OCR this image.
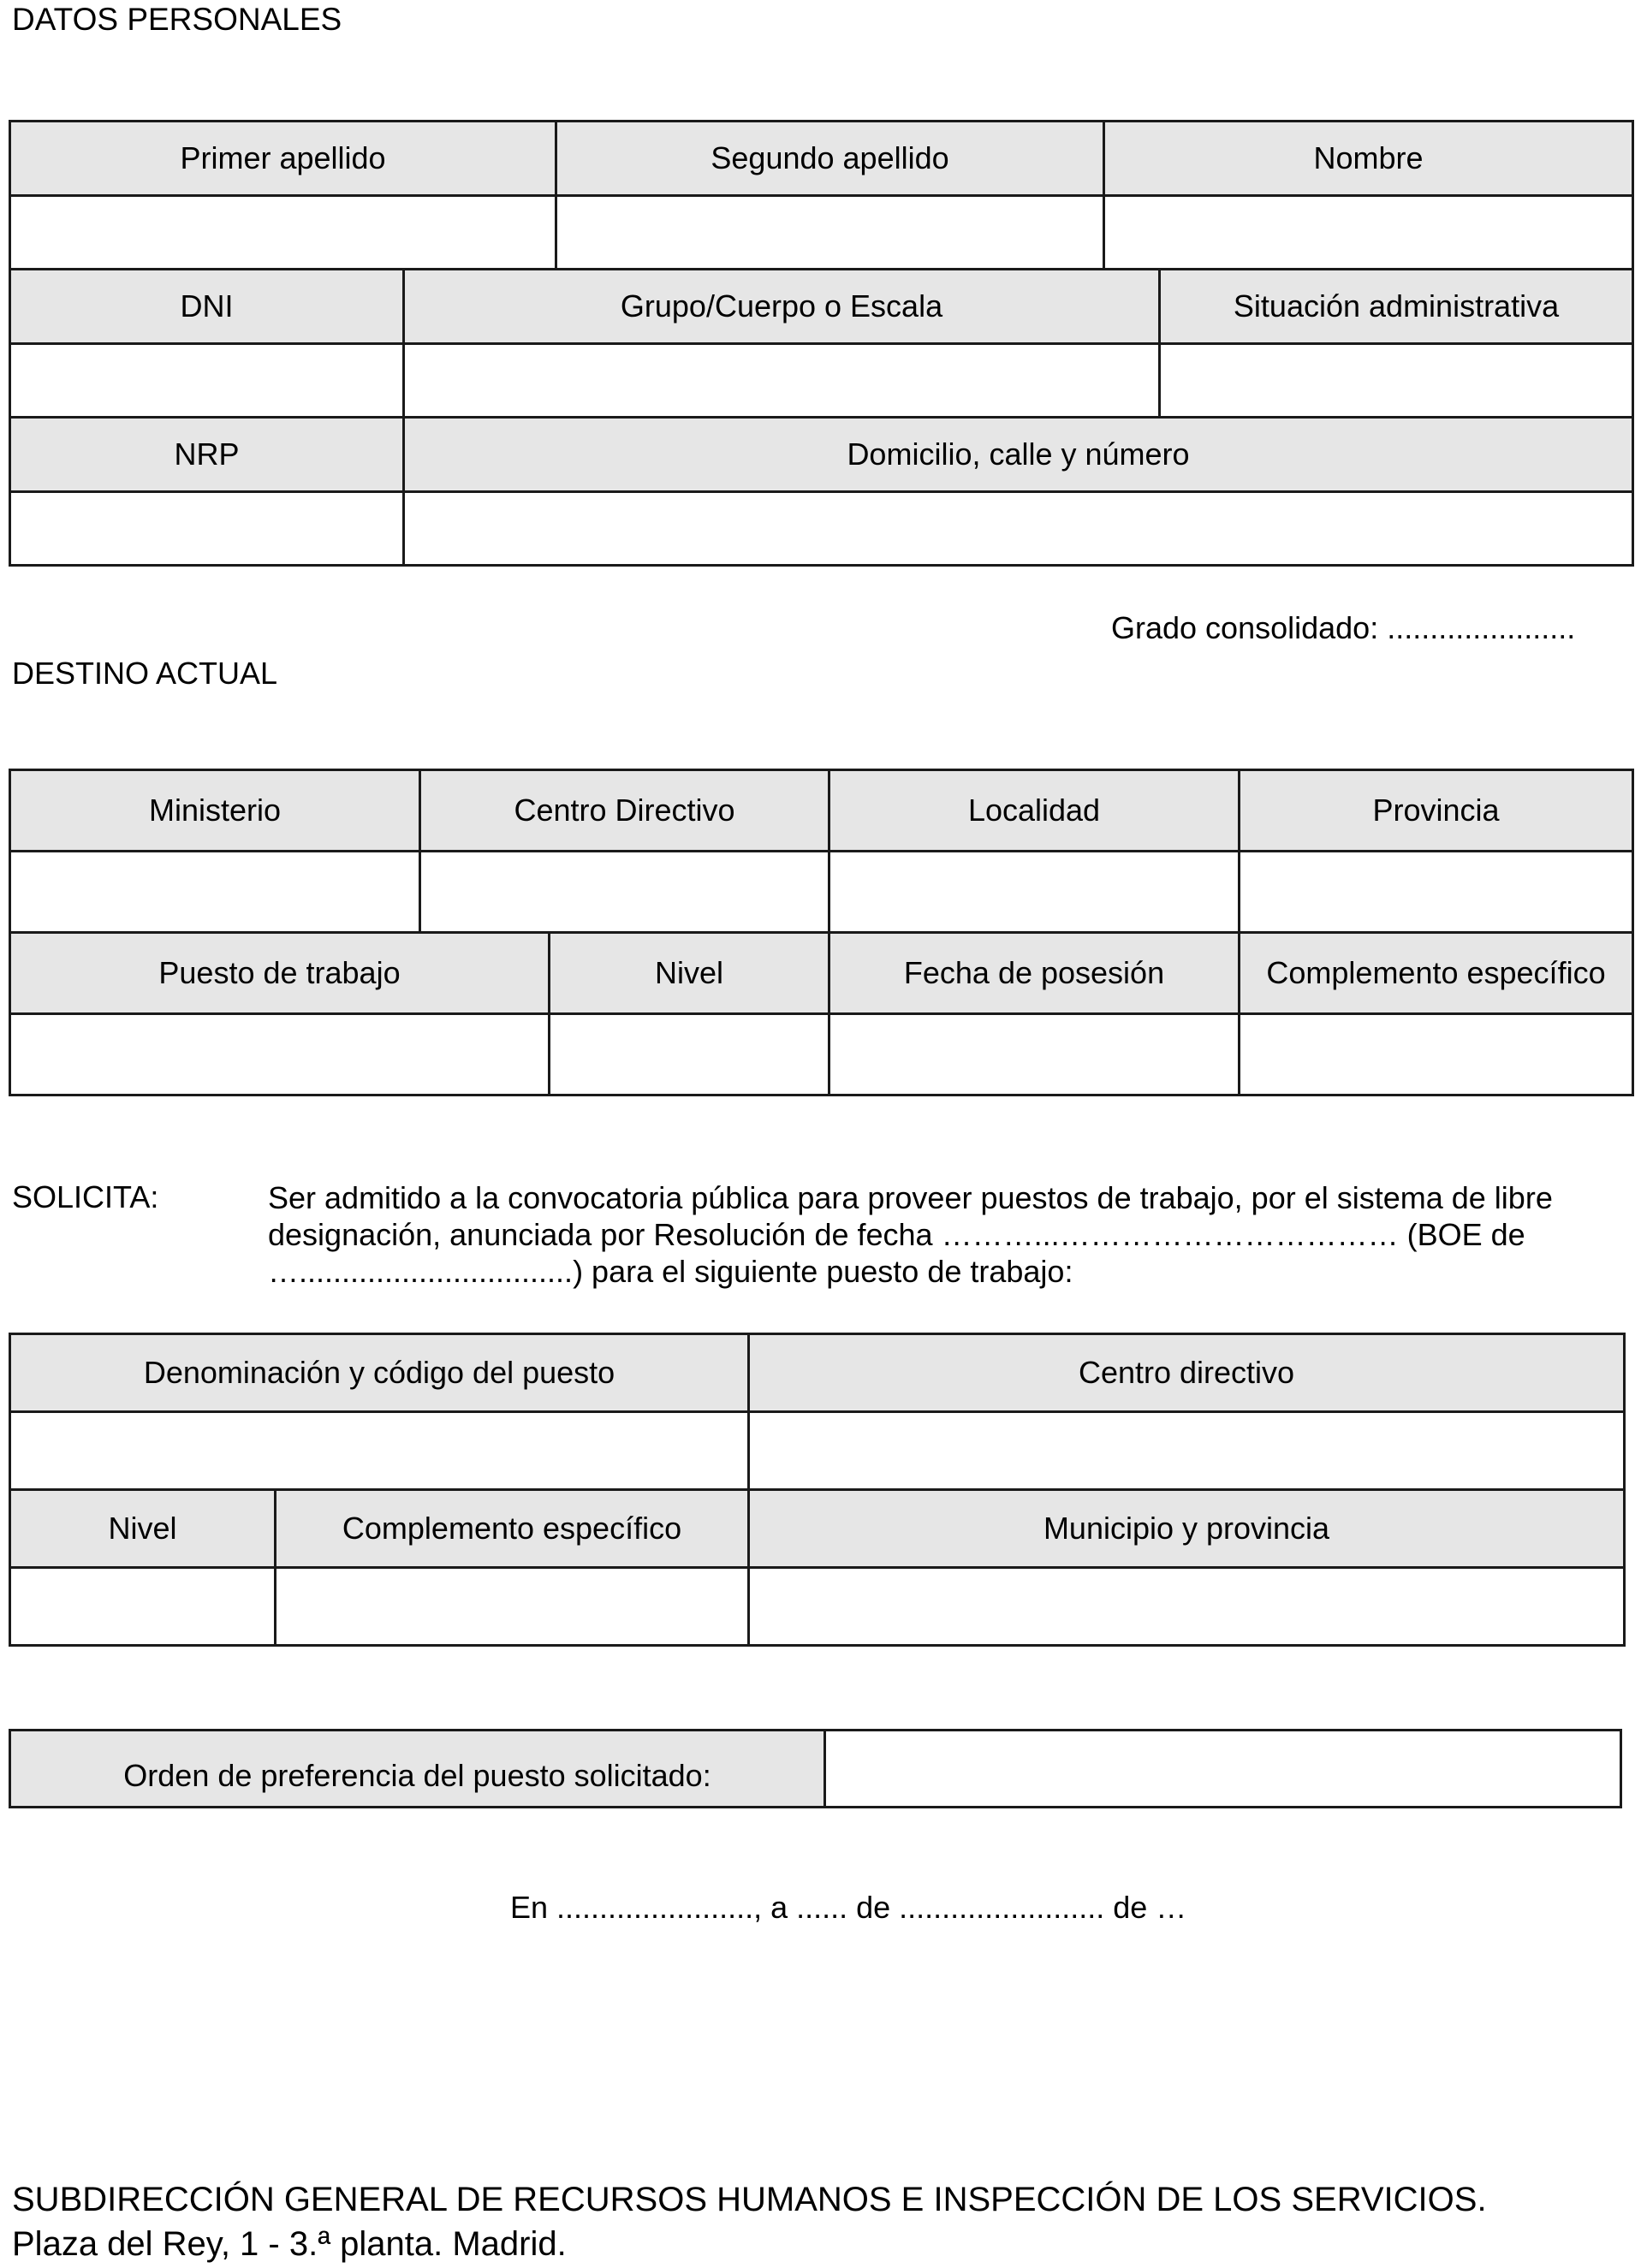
DATOS PERSONALES
Primer apellido		Segundo apellido	Nombre	

DNI	Grupo/Cuerpo o Escala			Situación administrativa

NRP	Domicilio, calle y número			

Grado consolidado: ......................
DESTINO ACTUAL
Ministerio	Centro Directivo		Localidad	Provincia

Puesto de trabajo		Nivel	Fecha de posesión	Complemento específico

SOLICITA:	Ser admitido a la convocatoria pública para proveer puestos de trabajo, por el sistema de libre
designación, anunciada por Resolución de fecha ………...…………………………… (BOE de
…................................) para el siguiente puesto de trabajo:
Denominación y código del puesto		Centro directivo

Nivel	Complemento específico	Municipio y provincia

Orden de preferencia del puesto solicitado:	
En ......................., a ...... de ........................ de …
SUBDIRECCIÓN GENERAL DE RECURSOS HUMANOS E INSPECCIÓN DE LOS SERVICIOS.
Plaza del Rey, 1 - 3.ª planta. Madrid.
